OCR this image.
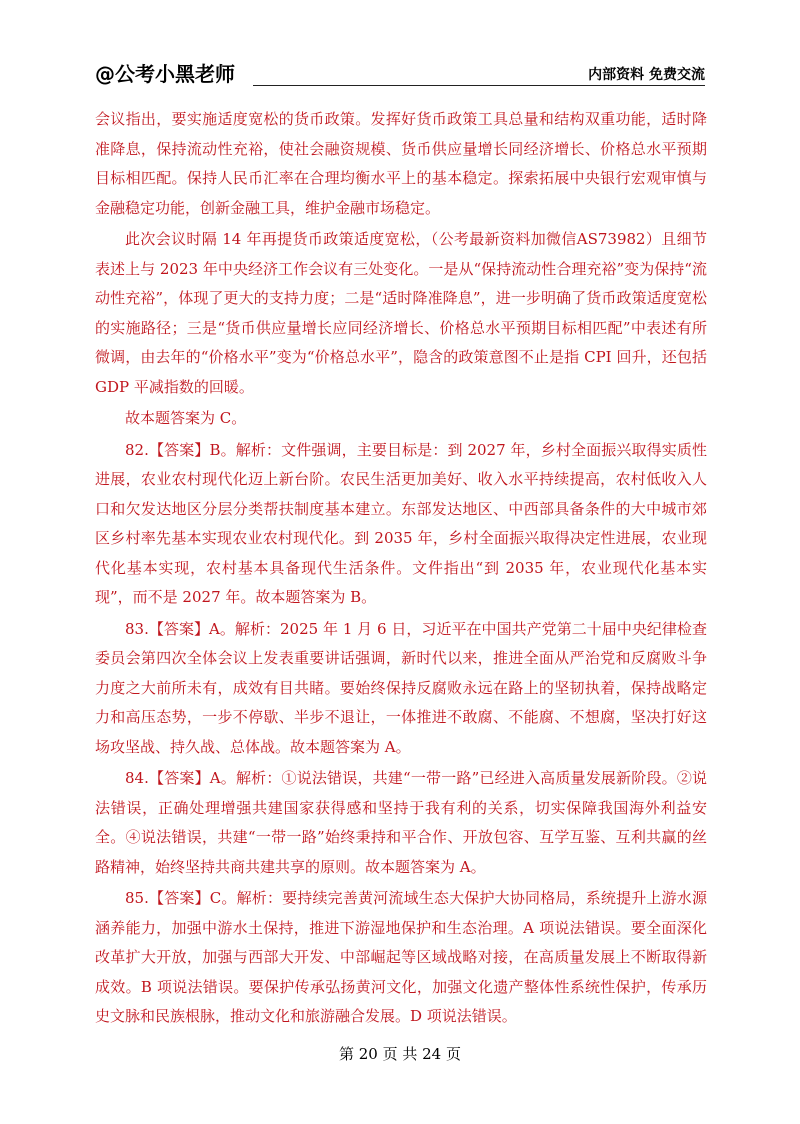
@公考小黑老师	内部资料 免费交流

会议指出，要实施适度宽松的货币政策。发挥好货币政策工具总量和结构双重功能，适时降准降息，保持流动性充裕，使社会融资规模、货币供应量增长同经济增长、价格总水平预期目标相匹配。保持人民币汇率在合理均衡水平上的基本稳定。探索拓展中央银行宏观审慎与金融稳定功能，创新金融工具，维护金融市场稳定。

此次会议时隔 14 年再提货币政策适度宽松，（公考最新资料加微信AS73982）且细节表述上与 2023 年中央经济工作会议有三处变化。一是从“保持流动性合理充裕”变为保持“流动性充裕”，体现了更大的支持力度；二是“适时降准降息”，进一步明确了货币政策适度宽松的实施路径；三是“货币供应量增长应同经济增长、价格总水平预期目标相匹配”中表述有所微调，由去年的“价格水平”变为“价格总水平”，隐含的政策意图不止是指 CPI 回升，还包括 GDP 平减指数的回暖。

故本题答案为 C。

82.【答案】B。解析：文件强调，主要目标是：到 2027 年，乡村全面振兴取得实质性进展，农业农村现代化迈上新台阶。农民生活更加美好、收入水平持续提高，农村低收入人口和欠发达地区分层分类帮扶制度基本建立。东部发达地区、中西部具备条件的大中城市郊区乡村率先基本实现农业农村现代化。到 2035 年，乡村全面振兴取得决定性进展，农业现代化基本实现，农村基本具备现代生活条件。文件指出“到 2035 年，农业现代化基本实现”，而不是 2027 年。故本题答案为 B。

83.【答案】A。解析：2025 年 1 月 6 日，习近平在中国共产党第二十届中央纪律检查委员会第四次全体会议上发表重要讲话强调，新时代以来，推进全面从严治党和反腐败斗争力度之大前所未有，成效有目共睹。要始终保持反腐败永远在路上的坚韧执着，保持战略定力和高压态势，一步不停歇、半步不退让，一体推进不敢腐、不能腐、不想腐，坚决打好这场攻坚战、持久战、总体战。故本题答案为 A。

84.【答案】A。解析：①说法错误，共建“一带一路”已经进入高质量发展新阶段。②说法错误，正确处理增强共建国家获得感和坚持于我有利的关系，切实保障我国海外利益安全。④说法错误，共建“一带一路”始终秉持和平合作、开放包容、互学互鉴、互利共赢的丝路精神，始终坚持共商共建共享的原则。故本题答案为 A。

85.【答案】C。解析：要持续完善黄河流域生态大保护大协同格局，系统提升上游水源涵养能力，加强中游水土保持，推进下游湿地保护和生态治理。A 项说法错误。要全面深化改革扩大开放，加强与西部大开发、中部崛起等区域战略对接，在高质量发展上不断取得新成效。B 项说法错误。要保护传承弘扬黄河文化，加强文化遗产整体性系统性保护，传承历史文脉和民族根脉，推动文化和旅游融合发展。D 项说法错误。

第 20 页 共 24 页
